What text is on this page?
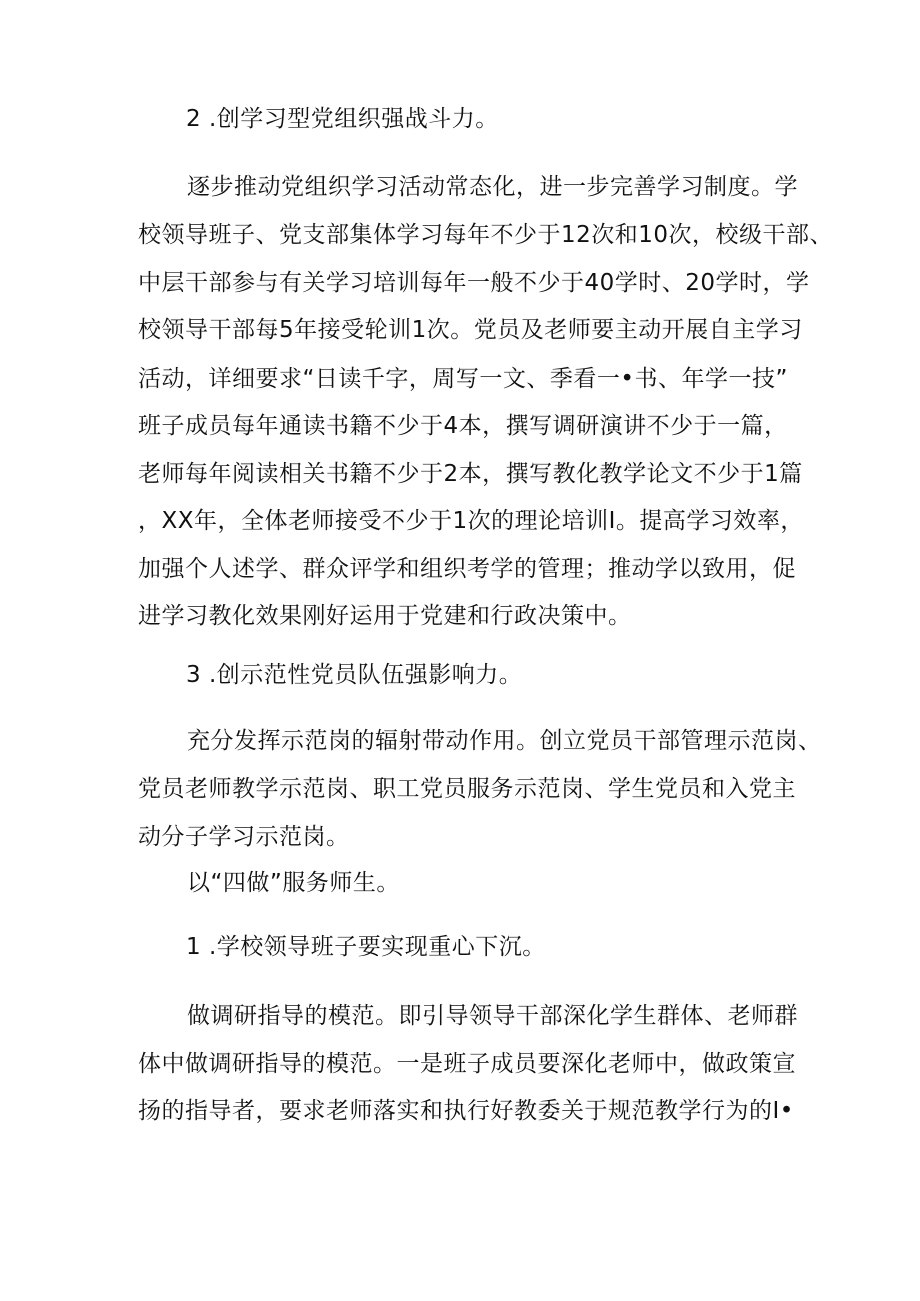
2 .创学习型党组织强战斗力。
逐步推动党组织学习活动常态化，进一步完善学习制度。学
校领导班子、党支部集体学习每年不少于12次和10次，校级干部、
中层干部参与有关学习培训每年一般不少于40学时、20学时，学
校领导干部每5年接受轮训1次。党员及老师要主动开展自主学习
活动，详细要求“日读千字，周写一文、季看一•书、年学一技”
班子成员每年通读书籍不少于4本，撰写调研演讲不少于一篇，
老师每年阅读相关书籍不少于2本，撰写教化教学论文不少于1篇
，XX年，全体老师接受不少于1次的理论培训I。提高学习效率，
加强个人述学、群众评学和组织考学的管理；推动学以致用，促
进学习教化效果刚好运用于党建和行政决策中。
3 .创示范性党员队伍强影响力。
充分发挥示范岗的辐射带动作用。创立党员干部管理示范岗、
党员老师教学示范岗、职工党员服务示范岗、学生党员和入党主
动分子学习示范岗。
以“四做”服务师生。
1 .学校领导班子要实现重心下沉。
做调研指导的模范。即引导领导干部深化学生群体、老师群
体中做调研指导的模范。一是班子成员要深化老师中，做政策宣
扬的指导者，要求老师落实和执行好教委关于规范教学行为的I•
